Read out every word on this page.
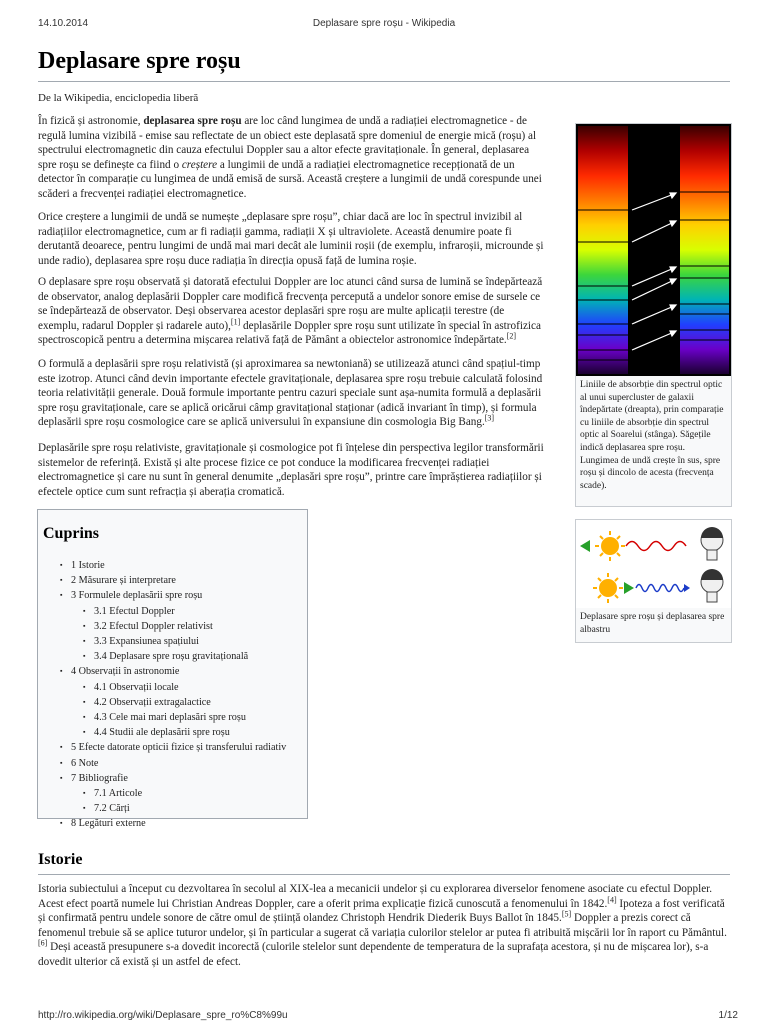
14.10.2014	Deplasare spre roșu - Wikipedia
Deplasare spre roșu
De la Wikipedia, enciclopedia liberă

În fizică și astronomie, deplasarea spre roșu are loc când lungimea de undă a radiației electromagnetice - de regulă lumina vizibilă - emise sau reflectate de un obiect este deplasată spre domeniul de energie mică (roșu) al spectrului electromagnetic din cauza efectului Doppler sau a altor efecte gravitaționale. În general, deplasarea spre roșu se definește ca fiind o creștere a lungimii de undă a radiației electromagnetice recepționată de un detector în comparație cu lungimea de undă emisă de sursă. Această creștere a lungimii de undă corespunde unei scăderi a frecvenței radiației electromagnetice.

Orice creștere a lungimii de undă se numește „deplasare spre roșu”, chiar dacă are loc în spectrul invizibil al radiațiilor electromagnetice, cum ar fi radiații gamma, radiații X și ultraviolete. Această denumire poate fi derutantă deoarece, pentru lungimi de undă mai mari decât ale luminii roșii (de exemplu, infraroșii, microunde și unde radio), deplasarea spre roșu duce radiația în direcția opusă față de lumina roșie.

O deplasare spre roșu observată și datorată efectului Doppler are loc atunci când sursa de lumină se îndepărtează de observator, analog deplasării Doppler care modifică frecvența percepută a undelor sonore emise de sursele ce se îndepărtează de observator. Deși observarea acestor deplasări spre roșu are multe aplicații terestre (de exemplu, radarul Doppler și radarele auto),[1] deplasările Doppler spre roșu sunt utilizate în special în astrofizica spectroscopică pentru a determina mișcarea relativă față de Pământ a obiectelor astronomice îndepărtate.[2]

O formulă a deplasării spre roșu relativistă (și aproximarea sa newtoniană) se utilizează atunci când spațiul-timp este izotrop. Atunci când devin importante efectele gravitaționale, deplasarea spre roșu trebuie calculată folosind teoria relativității generale. Două formule importante pentru cazuri speciale sunt așa-numita formulă a deplasării spre roșu gravitaționale, care se aplică oricărui câmp gravitațional staționar (adică invariant în timp), și formula deplasării spre roșu cosmologice care se aplică universului în expansiune din cosmologia Big Bang.[3]

Deplasările spre roșu relativiste, gravitaționale și cosmologice pot fi înțelese din perspectiva legilor transformării sistemelor de referință. Există și alte procese fizice ce pot conduce la modificarea frecvenței radiației electromagnetice și care nu sunt în general denumite „deplasări spre roșu”, printre care împrăștierea radiațiilor și efectele optice cum sunt refracția și aberația cromatică.

Liniile de absorbție din spectrul optic al unui supercluster de galaxii îndepărtate (dreapta), prin comparație cu liniile de absorbție din spectrul optic al Soarelui (stânga). Săgețile indică deplasarea spre roșu. Lungimea de undă crește în sus, spre roșu și dincolo de acesta (frecvența scade).
Deplasare spre roșu și deplasarea spre albastru
Cuprins
▪ 1 Istorie
▪ 2 Măsurare și interpretare
▪ 3 Formulele deplasării spre roșu
▪ 3.1 Efectul Doppler
▪ 3.2 Efectul Doppler relativist
▪ 3.3 Expansiunea spațiului
▪ 3.4 Deplasare spre roșu gravitațională
▪ 4 Observații în astronomie
▪ 4.1 Observații locale
▪ 4.2 Observații extragalactice
▪ 4.3 Cele mai mari deplasări spre roșu
▪ 4.4 Studii ale deplasării spre roșu
▪ 5 Efecte datorate opticii fizice și transferului radiativ
▪ 6 Note
▪ 7 Bibliografie
▪ 7.1 Articole
▪ 7.2 Cărți
▪ 8 Legături externe
Istorie

Istoria subiectului a început cu dezvoltarea în secolul al XIX-lea a mecanicii undelor și cu explorarea diverselor fenomene asociate cu efectul Doppler. Acest efect poartă numele lui Christian Andreas Doppler, care a oferit prima explicație fizică cunoscută a fenomenului în 1842.[4] Ipoteza a fost verificată și confirmată pentru undele sonore de către omul de știință olandez Christoph Hendrik Diederik Buys Ballot în 1845.[5] Doppler a prezis corect că fenomenul trebuie să se aplice tuturor undelor, și în particular a sugerat că variația culorilor stelelor ar putea fi atribuită mișcării lor în raport cu Pământul.[6] Deși această presupunere s-a dovedit incorectă (culorile stelelor sunt dependente de temperatura de la suprafața acestora, și nu de mișcarea lor), s-a dovedit ulterior că există și un astfel de efect.

http://ro.wikipedia.org/wiki/Deplasare_spre_ro%C8%99u	1/12
